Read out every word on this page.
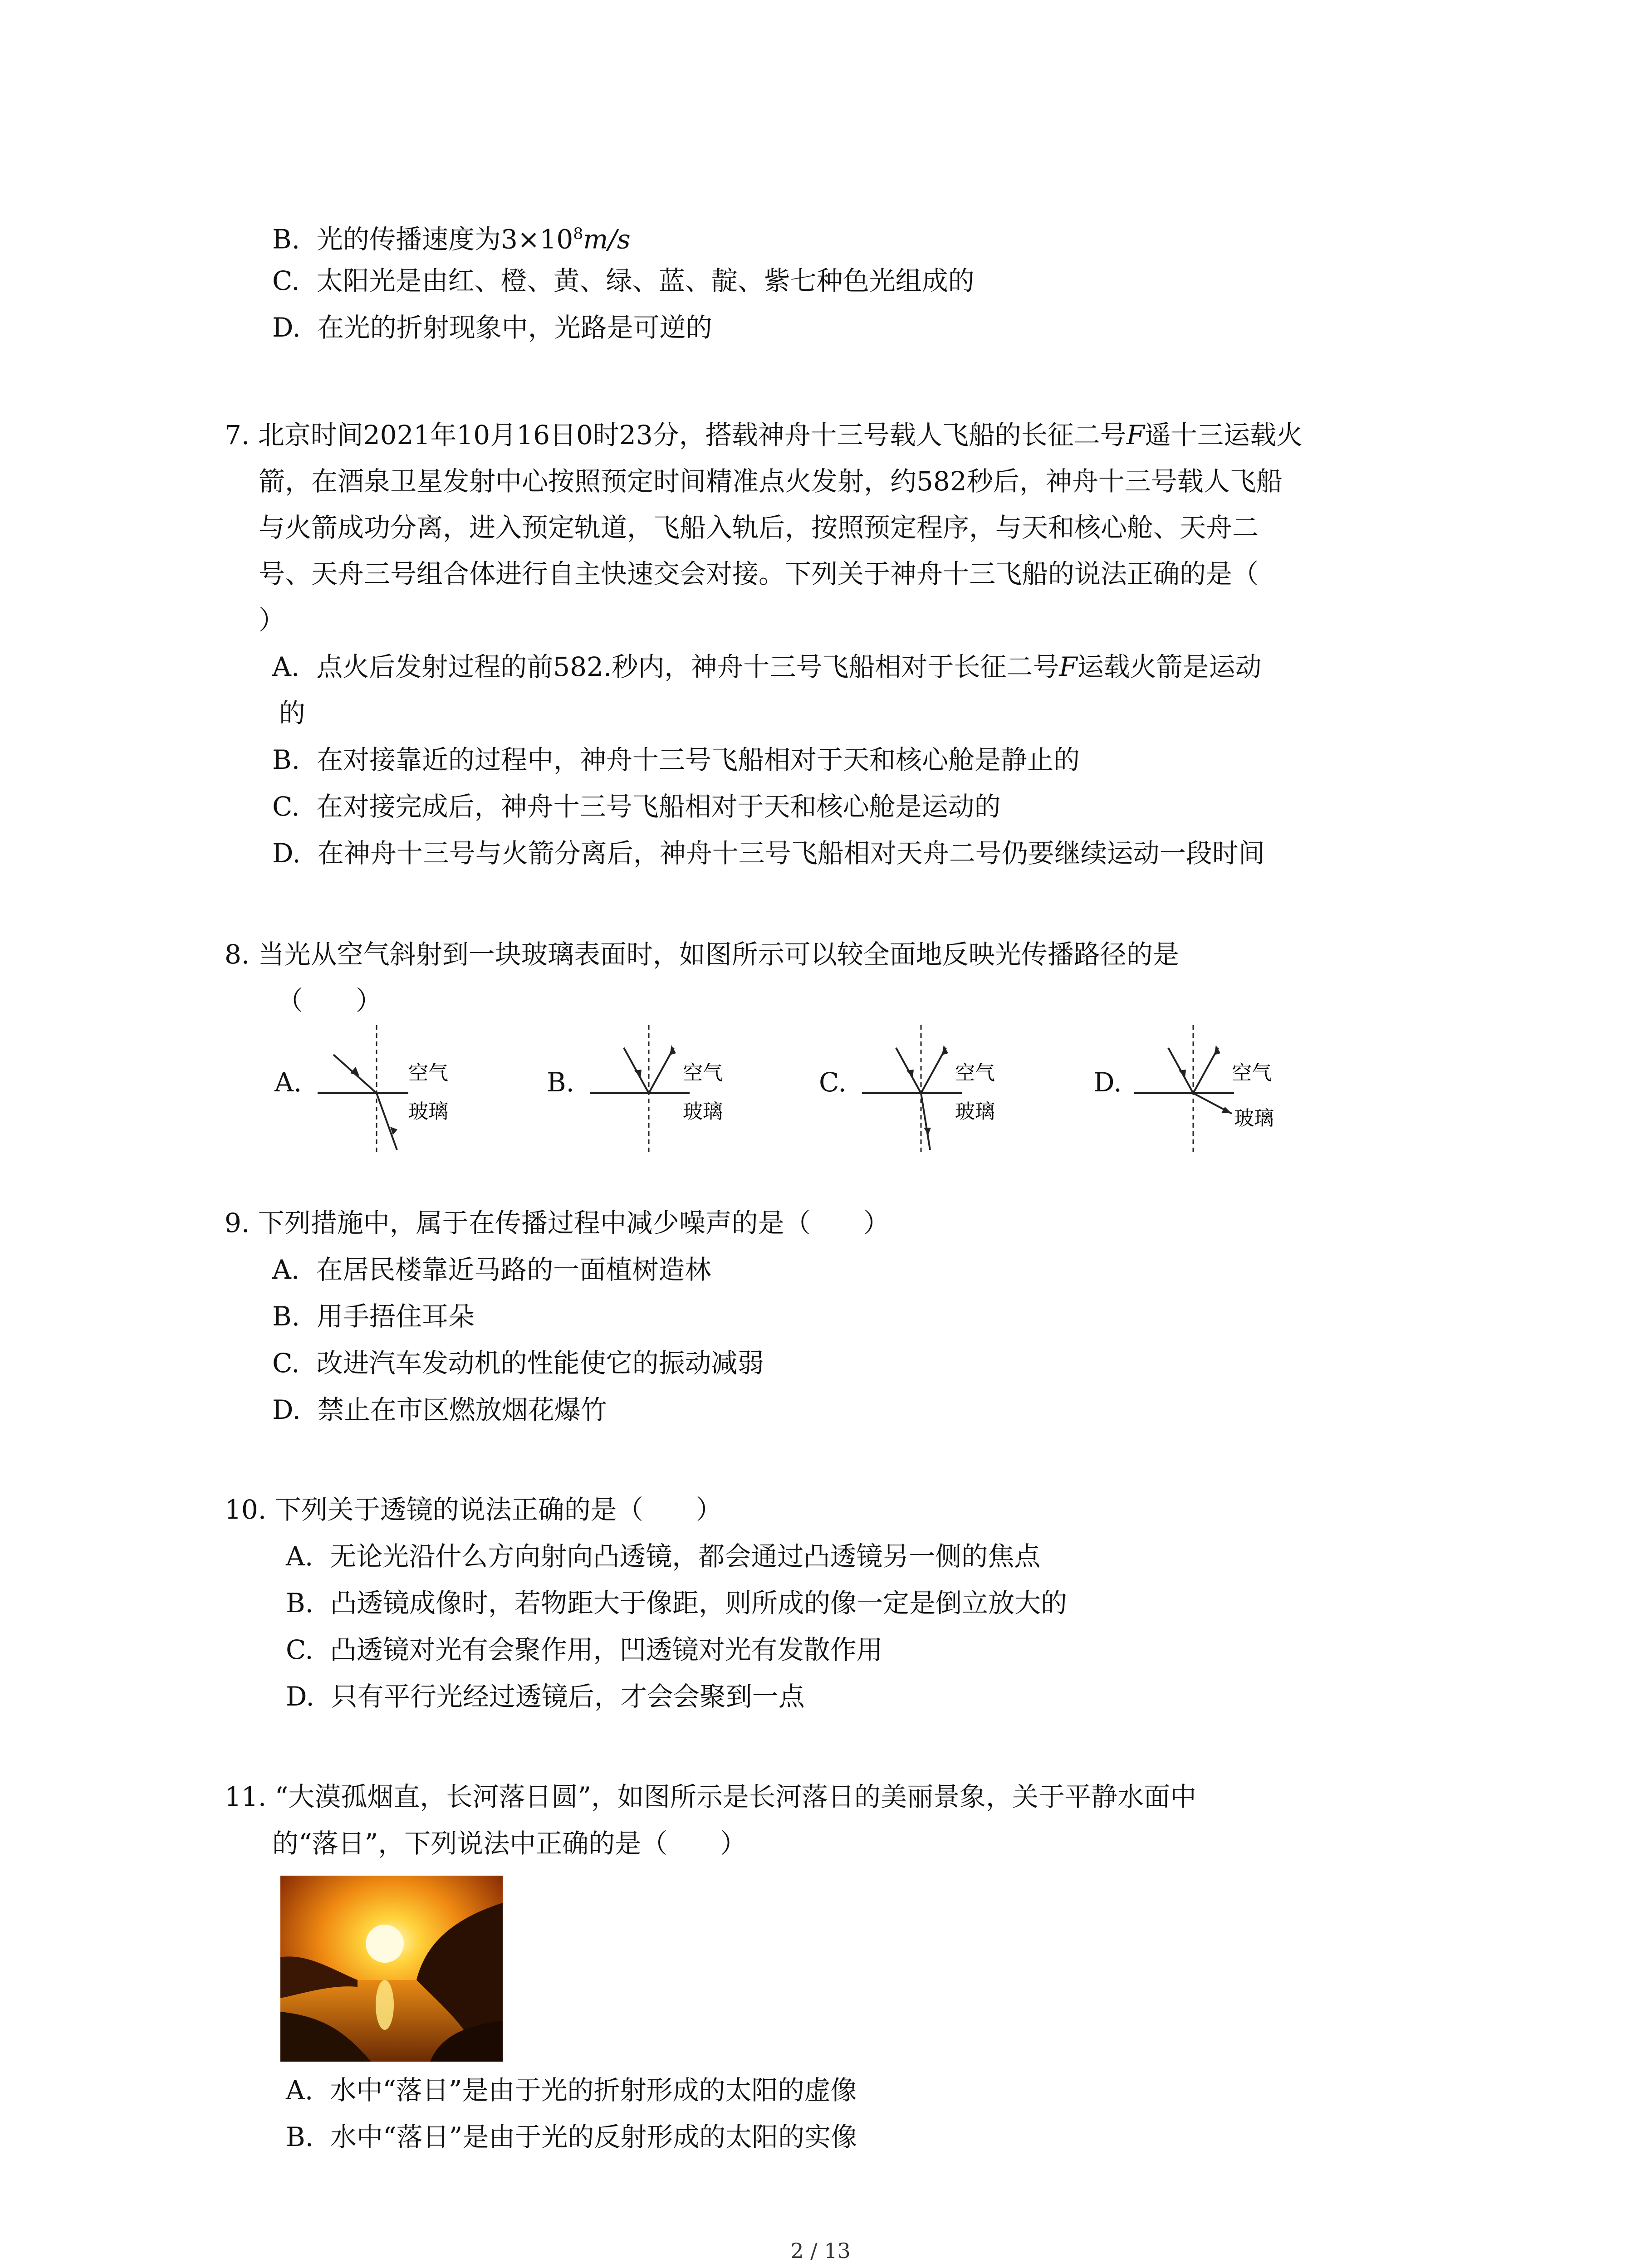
B. 光的传播速度为$3\times 10^8m/s$
C. 太阳光是由红、橙、黄、绿、蓝、靛、紫七种色光组成的
D. 在光的折射现象中，光路是可逆的
7. 北京时间2021年10月16日0时23分，搭载神舟十三号载人飞船的长征二号F遥十三运载火
箭，在酒泉卫星发射中心按照预定时间精准点火发射，约582秒后，神舟十三号载人飞船
与火箭成功分离，进入预定轨道，飞船入轨后，按照预定程序，与天和核心舱、天舟二
号、天舟三号组合体进行自主快速交会对接。下列关于神舟十三飞船的说法正确的是（
）
A. 点火后发射过程的前582.秒内，神舟十三号飞船相对于长征二号F运载火箭是运动
的
B. 在对接靠近的过程中，神舟十三号飞船相对于天和核心舱是静止的
C. 在对接完成后，神舟十三号飞船相对于天和核心舱是运动的
D. 在神舟十三号与火箭分离后，神舟十三号飞船相对天舟二号仍要继续运动一段时间
8. 当光从空气斜射到一块玻璃表面时，如图所示可以较全面地反映光传播路径的是
（　　）
A.	空气
玻璃
B.	空气
玻璃
C.	空气
玻璃
D.	空气
玻璃
9. 下列措施中，属于在传播过程中减少噪声的是（　　）
A. 在居民楼靠近马路的一面植树造林
B. 用手捂住耳朵
C. 改进汽车发动机的性能使它的振动减弱
D. 禁止在市区燃放烟花爆竹
10. 下列关于透镜的说法正确的是（　　）
A. 无论光沿什么方向射向凸透镜，都会通过凸透镜另一侧的焦点
B. 凸透镜成像时，若物距大于像距，则所成的像一定是倒立放大的
C. 凸透镜对光有会聚作用，凹透镜对光有发散作用
D. 只有平行光经过透镜后，才会会聚到一点
11. “大漠孤烟直，长河落日圆”，如图所示是长河落日的美丽景象，关于平静水面中
的“落日”，下列说法中正确的是（　　）
A. 水中“落日”是由于光的折射形成的太阳的虚像
B. 水中“落日”是由于光的反射形成的太阳的实像
2 / 13
